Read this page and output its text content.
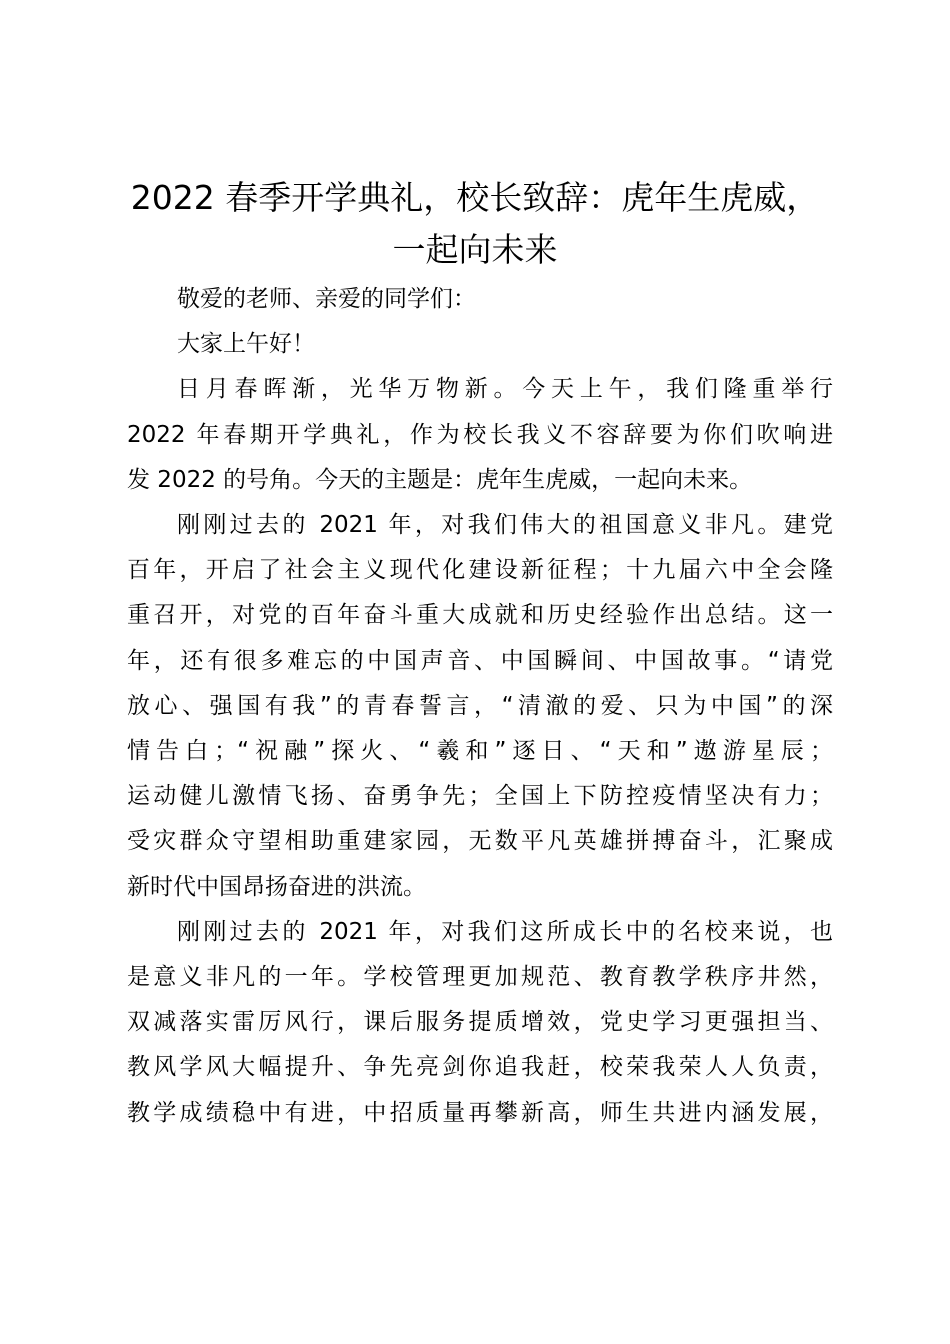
2022 春季开学典礼，校长致辞：虎年生虎威，
一起向未来
敬爱的老师、亲爱的同学们：
大家上午好！
日月春晖渐，光华万物新。今天上午，我们隆重举行
2022 年春期开学典礼，作为校长我义不容辞要为你们吹响进
发 2022 的号角。今天的主题是：虎年生虎威，一起向未来。
刚刚过去的 2021 年，对我们伟大的祖国意义非凡。建党
百年，开启了社会主义现代化建设新征程；十九届六中全会隆
重召开，对党的百年奋斗重大成就和历史经验作出总结。这一
年，还有很多难忘的中国声音、中国瞬间、中国故事。“请党
放心、强国有我”的青春誓言，“清澈的爱、只为中国”的深
情告白；“祝融”探火、“羲和”逐日、“天和”遨游星辰；
运动健儿激情飞扬、奋勇争先；全国上下防控疫情坚决有力；
受灾群众守望相助重建家园，无数平凡英雄拼搏奋斗，汇聚成
新时代中国昂扬奋进的洪流。
刚刚过去的 2021 年，对我们这所成长中的名校来说，也
是意义非凡的一年。学校管理更加规范、教育教学秩序井然，
双减落实雷厉风行，课后服务提质增效，党史学习更强担当、
教风学风大幅提升、争先亮剑你追我赶，校荣我荣人人负责，
教学成绩稳中有进，中招质量再攀新高，师生共进内涵发展，
